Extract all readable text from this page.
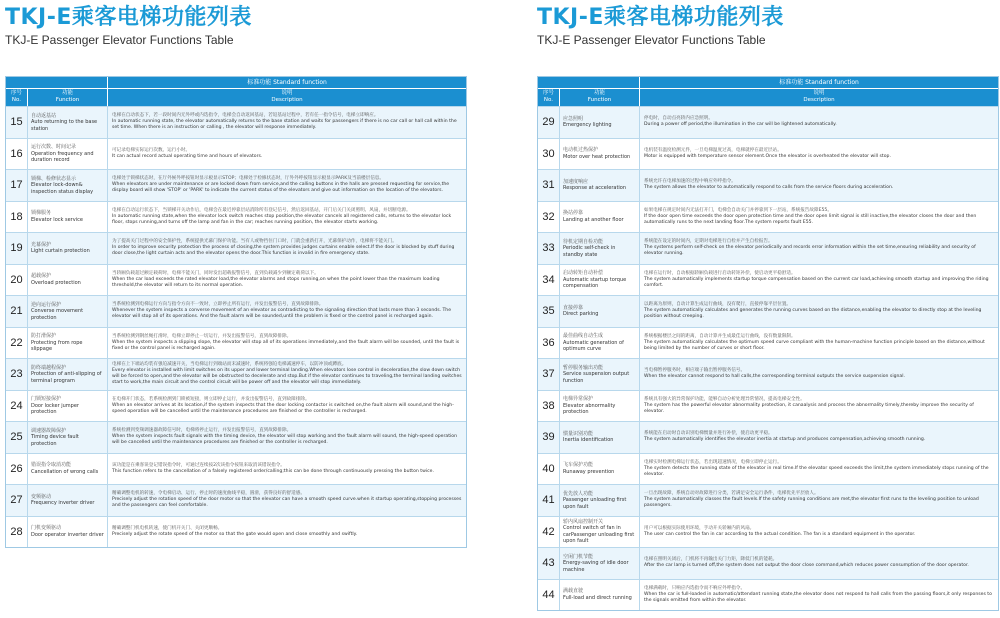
TKJ-E乘客电梯功能列表
TKJ-E Passenger Elevator Functions Table
标准功能 Standard function
序号
No.
功能
Function
说明
Description
15
自动返基站
Auto returning to the base station
电梯在自动状态下，若一段时间内无外呼或内选指令，电梯会自动返回基站，若返基站过程中，若有任一指令信号，电梯立即响应。
In automatic running state, the elevator automatically returns to the base station and waits for passengers if there is no car call or hall call within the set time. When there is an instruction or calling , the elevator will response immediately.
16
运行次数、时间记录
Operation frequency and duration record
可记录电梯实际运行次数、运行小时。
It can actual record actual operating time and hours of elevators.
17
锁梯、检修状态显示
Elevator lock-down& inspection status display
电梯处于锁梯状态时，在厅外候外呼按钮时显示板显示STOP；电梯处于检修状态时，厅外外呼按钮显示板显示PARK及当前楼层信息。
When elevators are under maintenance or are locked down from service,and the calling buttons in the halls are pressed requesting for service,the display board will show 'STOP' or 'PARK' to indicate the current status of the elevators and give out information on the location of the elevators.
18	锁梯服务
Elevator lock service
电梯在自动运行状态下，当锁梯开关动作后，电梯会在最近停靠层站消除所有登记信号，然后返回基站，开门后关门关闭照明、风扇，并切断电源。
In automatic running state,when the elevator lock switch reaches stop position,the elevator cancels all registered calls, returns to the elevator lock floor, stops running,and turns off the lamp and fan in the car; reaches running position, the elevator starts working.
19	光幕保护
Light curtain protection
为了提高关门过程中的安全保护性，系统提供光幕门保护功能。当有人或物挡住门口时，门就会重新打开，光幕保护动作，电梯将不能关门。
In order to improve security protection the process of closing,the system provides judges curtains enable select.If the door is blocked by stuff during door close,the light curtain acts and the elevator opens the door.This function is invalid in fire emergency state.
20	超载保护
Overload protection
当轿厢负载超过额定载荷时，电梯不能关门，同时发出超载报警信号，直到负载减少到额定载荷以下。
When the car load exceeds the rated elevator load,the elevator alarms and stops running,on when the point lower than the maximum loading threshold,the elevator will return to its normal operation.
21
逆向运行保护
Converse movement protection
当系统检测到电梯运行方向与指令方向不一致时，立即停止所有运行，并发出报警信号，直到故障排除。
Whenever the system inspects a converse movement of an elevator as contradicting to the signaling direction that lasts more than 3 seconds. The elevator will stop all of its operations. And the fault alarm will be sounded,until the problem is fixed or the control panel is recharged again.
22
防打滑保护
Protecting from rope slippage
当系统检测到钢丝绳打滑时，电梯立即停止一切运行，并发出报警信号，直到故障排除。
When the system inspects a slipping slope, the elevator will stop all of its operations immediately,and the fault alarm will be sounded, until the fault is fixed or the control panel is recharged again.
23
防终端越程保护
Protection of anti-slipping of terminal program
电梯在上下端站均装有强迫减速开关，当电梯运行到端站而未减速时，系统将强迫电梯减速停车，以防冲顶或蹲底。
Every elevator is installed with limit switches on its upper and lower terminal landing.When elevators lose control in deceleration,the slow down switch will be forced to open,and the elevator will be obstructed to decelerate and stop.But if the elevator continues to traveling,the terminal landing switches start to work,the main circuit and the control circuit will be power off and the elevator will stop immediately.
24
门锁短接保护
Door locker jumper protection
在电梯开门状态，若系统检测到门锁被短接，则立即停止运行，并发出报警信号，直到故障排除。
When an elevator arrives at its location,if the system inspects that the door locking contactor is switched on,the fault alarm will sound,and the high-speed operation will be cancelled until the maintenance procedures are finished or the controller is recharged.
25
调速器故障保护
Timing device fault protection
系统检测到变频调速器故障信号时，电梯将停止运行，并发出报警信号，直到故障排除。
When the system inspects fault signals with the timing device, the elevator will stop working and the fault alarm will sound, the high-speed operation will be cancelled until the maintenance procedures are finished or the controller is recharged.
26	错误指令取消功能
Cancellation of wrong calls
该功能是在乘客误登记错误指令时，可通过连续按2次该指令按钮来取消该错误指令。
This function refers to the cancellation of a falsely registered order/calling;this can be done through continuously pressing the button twice.
27	变频驱动
Frequency inverter driver
精确调整电机的转速，令电梯启动、运行、停止时的速度曲线平稳，圆滑，获得良好的舒适感。
Precisely adjust the rotation speed of the door motor so that the elevator can have a smooth speed curve.when it startup operating,stopping processes and the passengers can feel comfortable.
28	门机变频驱动
Door operator inverter driver
精确调整门机电机转速，使门机开关门、关闭更顺畅。
Precisely adjust the rotate speed of the motor so that the gate would open and close smoothly and swiftly.
TKJ-E乘客电梯功能列表
TKJ-E Passenger Elevator Functions Table
标准功能 Standard function
序号
No.
功能
Function
说明
Description
29	应急照明
Emergency lighting
停电时，自动点亮轿内应急照明。
During a power off period,the illumination in the car will be lightened automatically.
30	电动机过热保护
Motor over heat protection
电机装有温度检测元件，一旦电梯温度过高，电梯就停在最近层站。
Motor is equipped with temperature sensor element.Once the elevator is overheated the elevator will stop.
31	加速度响应
Response at acceleration
系统允许在电梯加速的过程中响应外呼指令。
The system allows the elevator to automatically respond to calls from the service floors during acceleration.
32	换站停靠
Landing at another floor
如果电梯在规定时间内无法打开门，电梯会自动关门并停靠到下一层站，系统报告故障E55。
If the door open time exceeds the door open protection time and the door open limit signal is still inactive,the elevator closes the door and then automatically runs to the next landing floor.The system reports fault E55.
33
待机定期自检功能
Periodic self-check in standby state
系统能在设定的时间内，定期对电梯进行自检并产生自检报告。
The systems perform self-check on the elevator periodically and records error information within the set time,ensuring reliability and security of elevator running.
34
启动转矩自动补偿
Automatic startup torque compensation
电梯在运行时，自动根据轿厢负载进行启动转矩补偿，使启动更平稳舒适。
The system automatically implements startup torque compensation based on the current car load,achieving smooth startup and improving the riding comfort.
35	直接停靠
Direct parking
以距离为原则，自动计算生成运行曲线，没有爬行，直接停靠平层位置。
The system automatically calculates and generates the running curves based on the distance,enabling the elevator to directly stop at the leveling position without creeping.
36
最佳曲线自动生成
Automatic generation of optimum curve
系统根据楼层之间的距离，自动计算并生成最佳运行曲线，没有数量限制。
The system automatically calculates the optimum speed curve compliant with the human-machine function principle based on the distance,without being limited by the number of curves or short floor.
37
暂停服务输出功能
Service suspension output function
当电梯暂停服务时，相应端子输出暂停服务信号。
When the elevator cannot respond to hall calls,the corresponding terminal outputs the service suspension signal.
38
电梯异常保护
Elevator abnormality protection
系统具有强大的异常保护功能，能够自动分析处理异常情况，提高电梯安全性。
The system has the powerful elevator abnormality protection, it canaalysis and process the abnormality timely,thereby improve the security of elevator.
39	惯量识别功能
Inertia identification
系统能在启动时自动识别电梯惯量并进行补偿，使启动更平稳。
The system automatically identifies the elevator inertia at startup and produces compensation,achieving smooth running.
40	飞车保护功能
Runaway prevention
电梯实时检测电梯运行状态，若出现超速情况，电梯立即停止运行。
The system detects the running state of the elevator in real time.If the elevator speed exceeds the limit,the system immediately stops running of the elevator.
41
优先放人功能
Passenger unloading first upon fault
一旦出现故障，系统自动对故障进行分类，若满足安全运行条件，电梯优先平层放人。
The system automatically classes the fault levels.If the safety running conditions are met,the elevator first runs to the leveling position to unload passengers.
42
轿内风扇控制开关
Control switch of fan in carPassenger unloading first upon fault
用户可以根据实际使用环境，手动开关轿厢内的风扇。
The user can control the fan in car according to the actual condition. The fan is a standard equipment in the operator.
43
空闲门机节能
Energy-saving of idle door machine
电梯在照明关闭后，门机将不再输出关门力矩，降低门机的能耗。
After the car lamp is turned off,the system does not output the door close command,which reduces power consumption of the door operator.
44	满载直驶
Full-load and direct running
电梯满载时，只响应内选指令而不响应外呼指令。
When the car is full-loaded in automatic/attendant running state,the elevator does not respond to hall calls from the passing floors,it only responses to the signals emitted from within the elevator.
